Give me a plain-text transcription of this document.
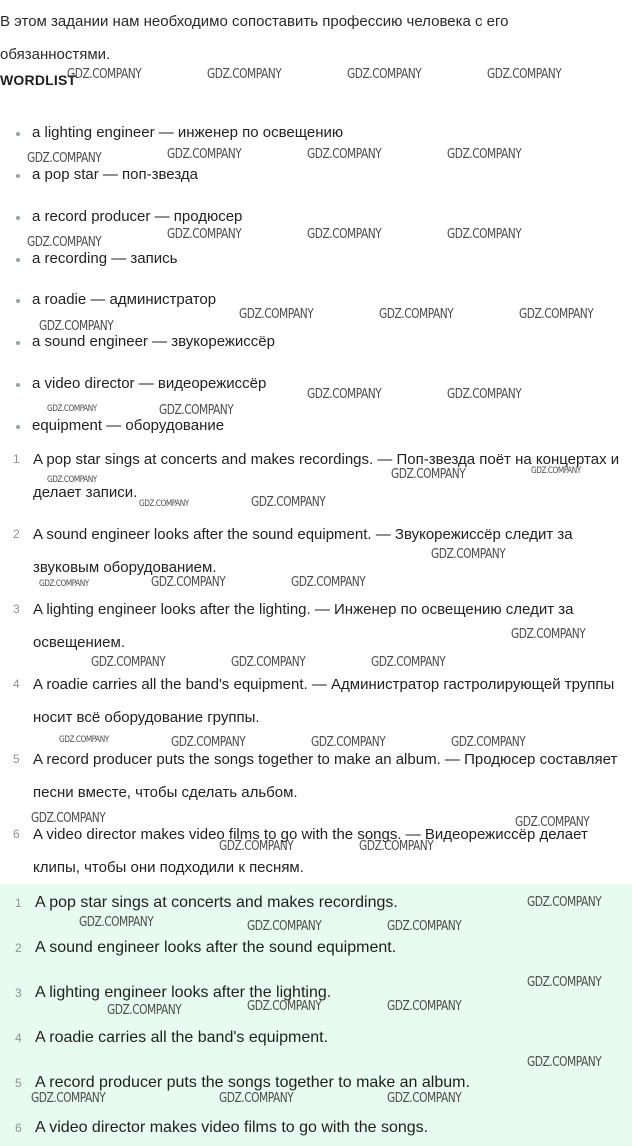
В этом задании нам необходимо сопоставить профессию человека с его обязанностями.
WORDLIST
a lighting engineer — инженер по освещению
a pop star — поп-звезда
a record producer — продюсер
a recording — запись
a roadie — администратор
a sound engineer — звукорежиссёр
a video director — видеорежиссёр
equipment — оборудование
1 A pop star sings at concerts and makes recordings. — Поп-звезда поёт на концертах и делает записи.
2 A sound engineer looks after the sound equipment. — Звукорежиссёр следит за звуковым оборудованием.
3 A lighting engineer looks after the lighting. — Инженер по освещению следит за освещением.
4 A roadie carries all the band's equipment. — Администратор гастролирующей труппы носит всё оборудование группы.
5 A record producer puts the songs together to make an album. — Продюсер составляет песни вместе, чтобы сделать альбом.
6 A video director makes video films to go with the songs. — Видеорежиссёр делает клипы, чтобы они подходили к песням.
1 A pop star sings at concerts and makes recordings.
2 A sound engineer looks after the sound equipment.
3 A lighting engineer looks after the lighting.
4 A roadie carries all the band's equipment.
5 A record producer puts the songs together to make an album.
6 A video director makes video films to go with the songs.
GDZ.COMPANY	GDZ.COMPANY	GDZ.COMPANY	GDZ.COMPANY
GDZ.COMPANY	GDZ.COMPANY	GDZ.COMPANY	GDZ.COMPANY
GDZ.COMPANY
GDZ.COMPANY	GDZ.COMPANY	GDZ.COMPANY
GDZ.COMPANY
GDZ.COMPANY	GDZ.COMPANY	GDZ.COMPANY
GDZ.COMPANY	GDZ.COMPANY
GDZ.COMPANY	GDZ.COMPANY
GDZ.COMPANY	GDZ.COMPANY	GDZ.COMPANY
GDZ.COMPANY	GDZ.COMPANY
GDZ.COMPANY
GDZ.COMPANY	GDZ.COMPANY	GDZ.COMPANY
GDZ.COMPANY
GDZ.COMPANY	GDZ.COMPANY	GDZ.COMPANY
GDZ.COMPANY	GDZ.COMPANY	GDZ.COMPANY	GDZ.COMPANY
GDZ.COMPANY	GDZ.COMPANY
GDZ.COMPANY	GDZ.COMPANY
GDZ.COMPANY
GDZ.COMPANY	GDZ.COMPANY	GDZ.COMPANY
GDZ.COMPANY
GDZ.COMPANY	GDZ.COMPANY	GDZ.COMPANY
GDZ.COMPANY
GDZ.COMPANY	GDZ.COMPANY	GDZ.COMPANY
